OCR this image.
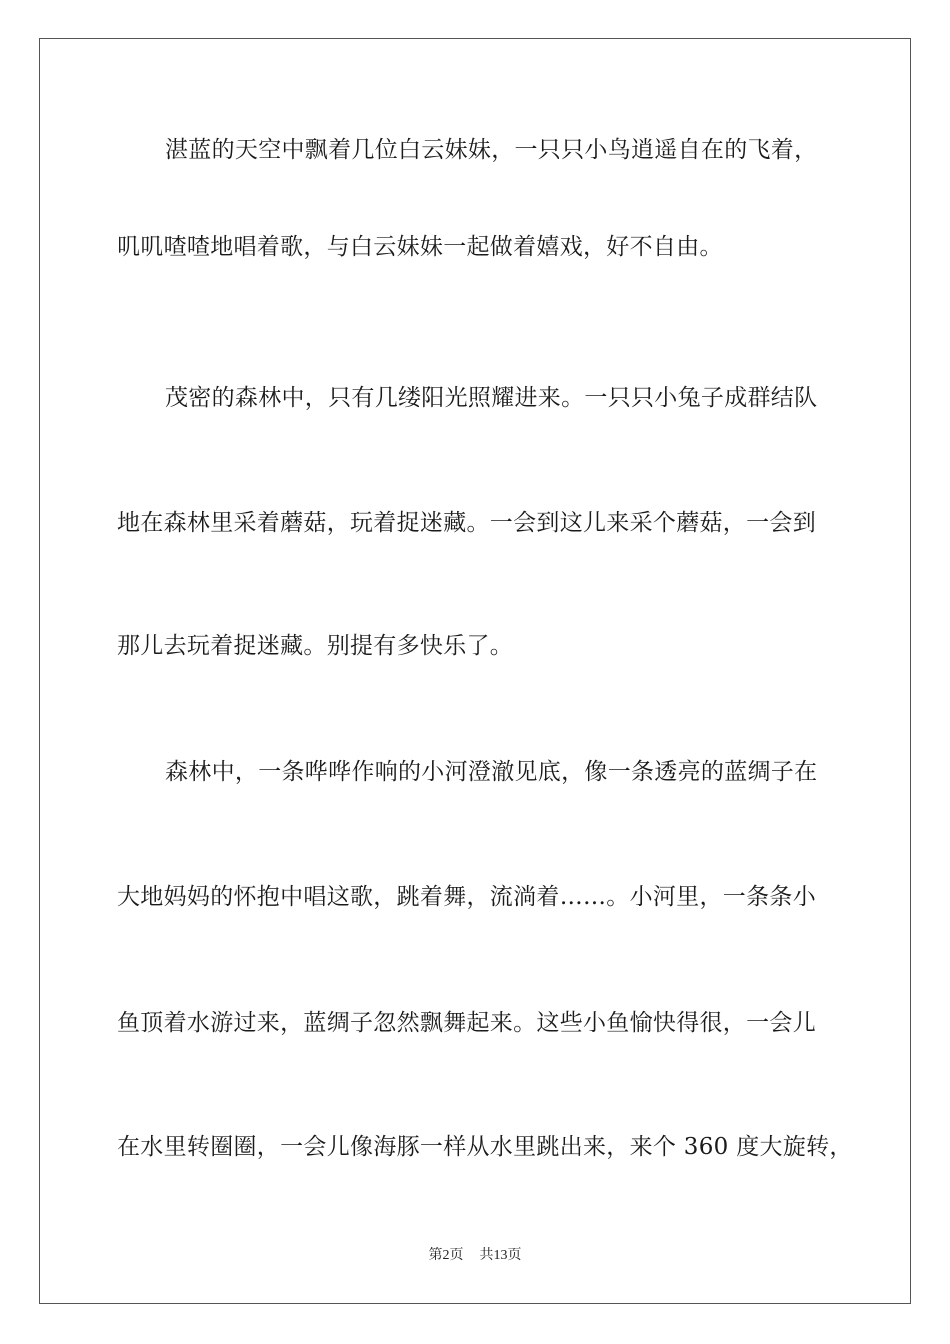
湛蓝的天空中飘着几位白云妹妹，一只只小鸟逍遥自在的飞着，
叽叽喳喳地唱着歌，与白云妹妹一起做着嬉戏，好不自由。
茂密的森林中，只有几缕阳光照耀进来。一只只小兔子成群结队
地在森林里采着蘑菇，玩着捉迷藏。一会到这儿来采个蘑菇，一会到
那儿去玩着捉迷藏。别提有多快乐了。
森林中，一条哗哗作响的小河澄澈见底，像一条透亮的蓝绸子在
大地妈妈的怀抱中唱这歌，跳着舞，流淌着……。小河里，一条条小
鱼顶着水游过来，蓝绸子忽然飘舞起来。这些小鱼愉快得很，一会儿
在水里转圈圈，一会儿像海豚一样从水里跳出来，来个 360 度大旋转，
第2页 共13页
